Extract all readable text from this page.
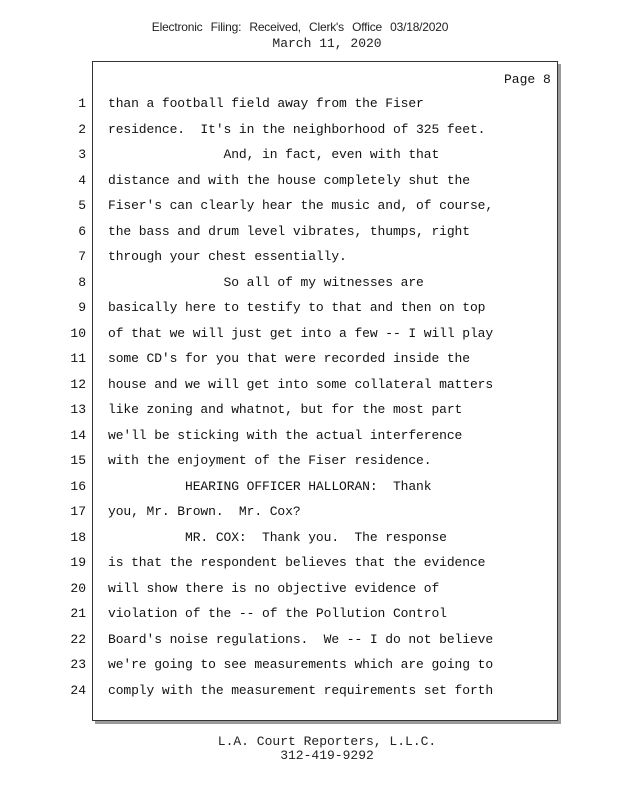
Electronic Filing: Received, Clerk's Office 03/18/2020
March 11, 2020
Page 8
1 than a football field away from the Fiser
2 residence.  It's in the neighborhood of 325 feet.
3 And, in fact, even with that
4 distance and with the house completely shut the
5 Fiser's can clearly hear the music and, of course,
6 the bass and drum level vibrates, thumps, right
7 through your chest essentially.
8 So all of my witnesses are
9 basically here to testify to that and then on top
10 of that we will just get into a few -- I will play
11 some CD's for you that were recorded inside the
12 house and we will get into some collateral matters
13 like zoning and whatnot, but for the most part
14 we'll be sticking with the actual interference
15 with the enjoyment of the Fiser residence.
16 HEARING OFFICER HALLORAN:  Thank
17 you, Mr. Brown.  Mr. Cox?
18 MR. COX:  Thank you.  The response
19 is that the respondent believes that the evidence
20 will show there is no objective evidence of
21 violation of the -- of the Pollution Control
22 Board's noise regulations.  We -- I do not believe
23 we're going to see measurements which are going to
24 comply with the measurement requirements set forth
L.A. Court Reporters, L.L.C.
312-419-9292
